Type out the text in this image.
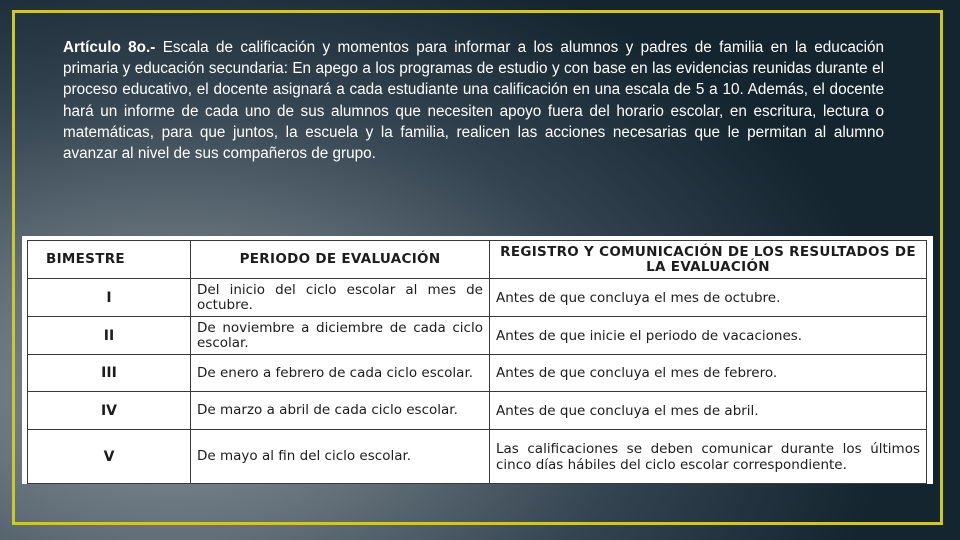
Artículo 8o.- Escala de calificación y momentos para informar a los alumnos y padres de familia en la educación primaria y educación secundaria: En apego a los programas de estudio y con base en las evidencias reunidas durante el proceso educativo, el docente asignará a cada estudiante una calificación en una escala de 5 a 10. Además, el docente hará un informe de cada uno de sus alumnos que necesiten apoyo fuera del horario escolar, en escritura, lectura o matemáticas, para que juntos, la escuela y la familia, realicen las acciones necesarias que le permitan al alumno avanzar al nivel de sus compañeros de grupo.

BIMESTRE	PERIODO DE EVALUACIÓN	REGISTRO Y COMUNICACIÓN DE LOS RESULTADOS DE LA EVALUACIÓN
I	Del inicio del ciclo escolar al mes de octubre.	Antes de que concluya el mes de octubre.
II	De noviembre a diciembre de cada ciclo escolar.	Antes de que inicie el periodo de vacaciones.
III	De enero a febrero de cada ciclo escolar.	Antes de que concluya el mes de febrero.
IV	De marzo a abril de cada ciclo escolar.	Antes de que concluya el mes de abril.
V	De mayo al fin del ciclo escolar.	Las calificaciones se deben comunicar durante los últimos cinco días hábiles del ciclo escolar correspondiente.
